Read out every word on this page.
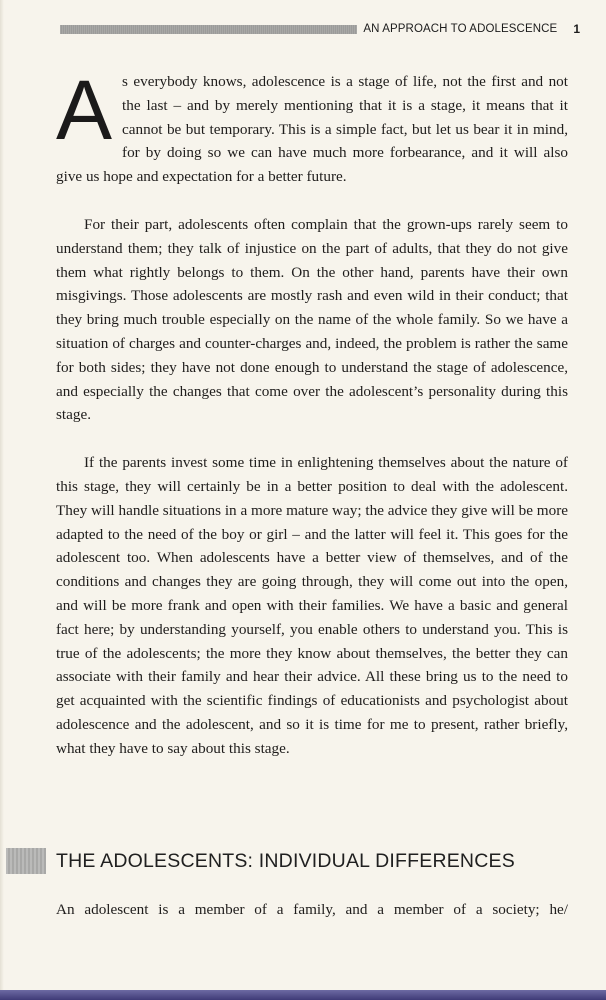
AN APPROACH TO ADOLESCENCE 1

As everybody knows, adolescence is a stage of life, not the first and not the last – and by merely mentioning that it is a stage, it means that it cannot be but temporary. This is a simple fact, but let us bear it in mind, for by doing so we can have much more forbearance, and it will also give us hope and expectation for a better future.

For their part, adolescents often complain that the grown-ups rarely seem to understand them; they talk of injustice on the part of adults, that they do not give them what rightly belongs to them. On the other hand, parents have their own misgivings. Those adolescents are mostly rash and even wild in their conduct; that they bring much trouble especially on the name of the whole family. So we have a situation of charges and counter-charges and, indeed, the problem is rather the same for both sides; they have not done enough to understand the stage of adolescence, and especially the changes that come over the adolescent’s personality during this stage.

If the parents invest some time in enlightening themselves about the nature of this stage, they will certainly be in a better position to deal with the adolescent. They will handle situations in a more mature way; the advice they give will be more adapted to the need of the boy or girl – and the latter will feel it. This goes for the adolescent too. When adolescents have a better view of themselves, and of the conditions and changes they are going through, they will come out into the open, and will be more frank and open with their families. We have a basic and general fact here; by understanding yourself, you enable others to understand you. This is true of the adolescents; the more they know about themselves, the better they can associate with their family and hear their advice. All these bring us to the need to get acquainted with the scientific findings of educationists and psychologist about adolescence and the adolescent, and so it is time for me to present, rather briefly, what they have to say about this stage.

THE ADOLESCENTS: INDIVIDUAL DIFFERENCES
An adolescent is a member of a family, and a member of a society; he/
